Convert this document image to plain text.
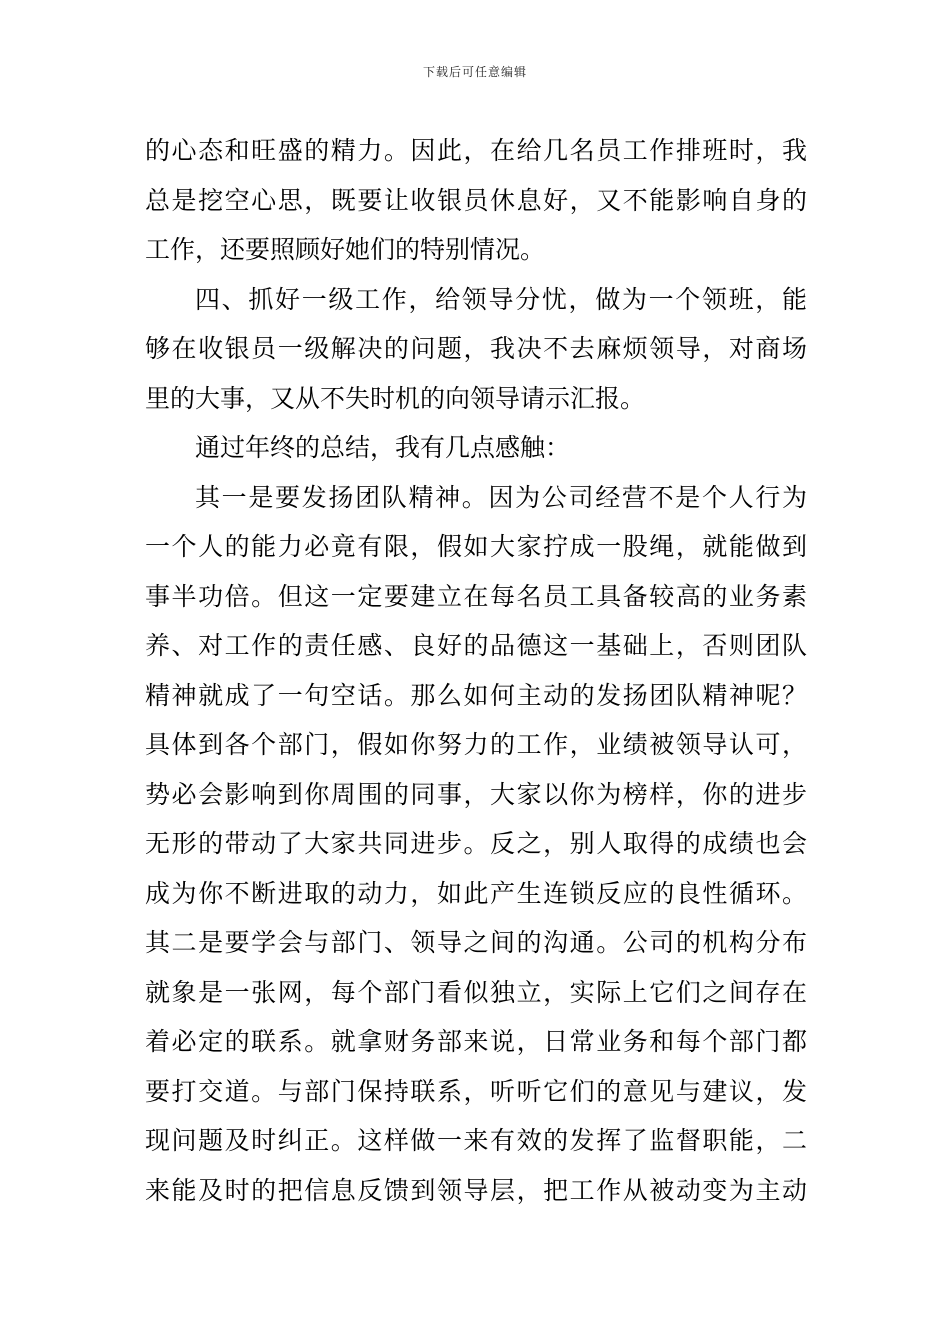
下载后可任意编辑
的心态和旺盛的精力。因此，在给几名员工作排班时，我
总是挖空心思，既要让收银员休息好，又不能影响自身的
工作，还要照顾好她们的特别情况。
四、抓好一级工作，给领导分忧，做为一个领班，能
够在收银员一级解决的问题，我决不去麻烦领导，对商场
里的大事，又从不失时机的向领导请示汇报。
通过年终的总结，我有几点感触：
其一是要发扬团队精神。因为公司经营不是个人行为
一个人的能力必竟有限，假如大家拧成一股绳，就能做到
事半功倍。但这一定要建立在每名员工具备较高的业务素
养、对工作的责任感、良好的品德这一基础上，否则团队
精神就成了一句空话。那么如何主动的发扬团队精神呢？
具体到各个部门，假如你努力的工作，业绩被领导认可，
势必会影响到你周围的同事，大家以你为榜样，你的进步
无形的带动了大家共同进步。反之，别人取得的成绩也会
成为你不断进取的动力，如此产生连锁反应的良性循环。
其二是要学会与部门、领导之间的沟通。公司的机构分布
就象是一张网，每个部门看似独立，实际上它们之间存在
着必定的联系。就拿财务部来说，日常业务和每个部门都
要打交道。与部门保持联系，听听它们的意见与建议，发
现问题及时纠正。这样做一来有效的发挥了监督职能，二
来能及时的把信息反馈到领导层，把工作从被动变为主动
